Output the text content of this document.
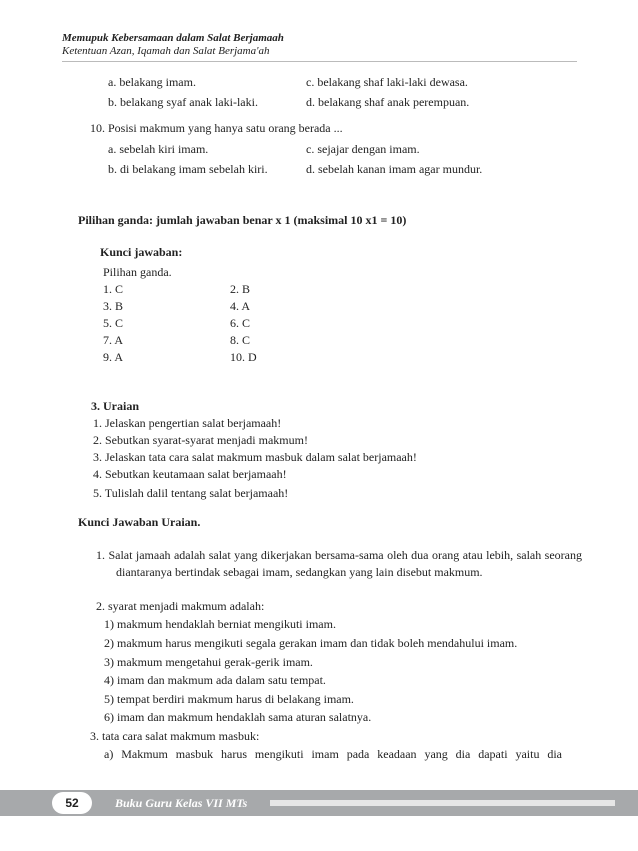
Memupuk Kebersamaan dalam Salat Berjamaah
Ketentuan Azan, Iqamah dan Salat Berjama'ah
a. belakang imam.	c. belakang shaf laki-laki dewasa.
b. belakang syaf anak laki-laki.	d. belakang shaf anak perempuan.
10. Posisi makmum yang hanya satu orang berada ...
a. sebelah kiri imam.	c. sejajar dengan imam.
b. di belakang imam sebelah kiri.	d. sebelah kanan imam agar mundur.
Pilihan ganda: jumlah jawaban benar x 1 (maksimal 10 x1 = 10)
Kunci jawaban:
Pilihan ganda.
1. C	2. B
3. B	4. A
5. C	6. C
7. A	8. C
9. A	10. D
3. Uraian
1. Jelaskan pengertian salat berjamaah!
2. Sebutkan syarat-syarat menjadi makmum!
3. Jelaskan tata cara salat makmum masbuk dalam salat berjamaah!
4. Sebutkan keutamaan salat berjamaah!
5. Tulislah dalil tentang salat berjamaah!
Kunci Jawaban Uraian.
1. Salat jamaah adalah salat yang dikerjakan bersama-sama oleh dua orang atau lebih, salah seorang diantaranya bertindak sebagai imam, sedangkan yang lain disebut makmum.
2. syarat menjadi makmum adalah:
1) makmum hendaklah berniat mengikuti imam.
2) makmum harus mengikuti segala gerakan imam dan tidak boleh mendahului imam.
3) makmum mengetahui gerak-gerik imam.
4) imam dan makmum ada dalam satu tempat.
5) tempat berdiri makmum harus di belakang imam.
6) imam dan makmum hendaklah sama aturan salatnya.
3. tata cara salat makmum masbuk:
a) Makmum masbuk harus mengikuti imam pada keadaan yang dia dapati yaitu dia
52	Buku Guru Kelas VII MTs
